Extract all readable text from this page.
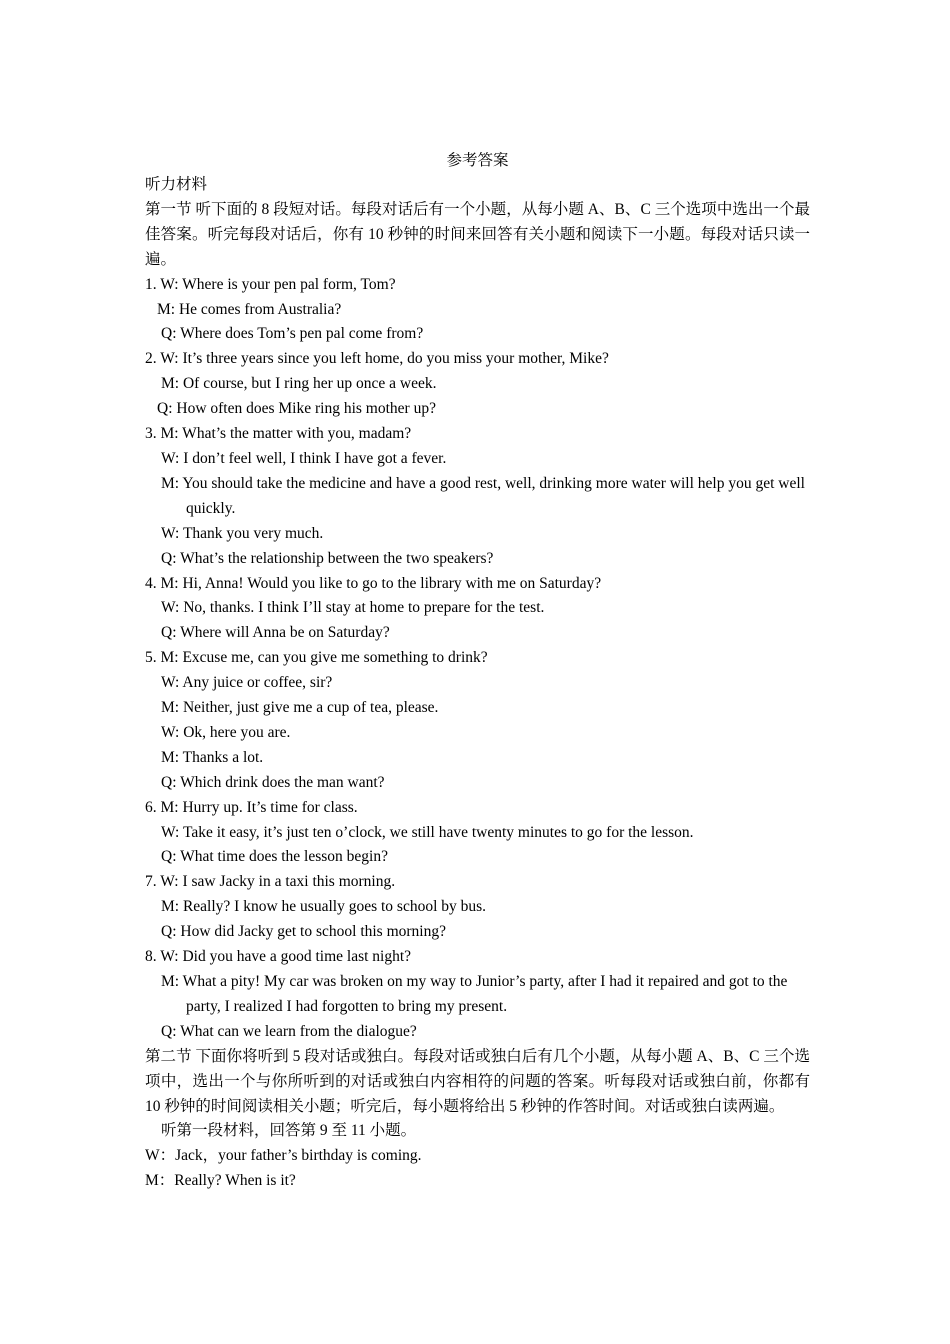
参考答案
听力材料
第一节 听下面的 8 段短对话。每段对话后有一个小题，从每小题 A、B、C 三个选项中选出一个最佳答案。听完每段对话后，你有 10 秒钟的时间来回答有关小题和阅读下一小题。每段对话只读一遍。
1. W: Where is your pen pal form, Tom?
M: He comes from Australia?
Q: Where does Tom’s pen pal come from?
2. W: It’s three years since you left home, do you miss your mother, Mike?
M: Of course, but I ring her up once a week.
Q: How often does Mike ring his mother up?
3. M: What’s the matter with you, madam?
W: I don’t feel well, I think I have got a fever.
M: You should take the medicine and have a good rest, well, drinking more water will help you get well quickly.
W: Thank you very much.
Q: What’s the relationship between the two speakers?
4. M: Hi, Anna! Would you like to go to the library with me on Saturday?
W: No, thanks. I think I’ll stay at home to prepare for the test.
Q: Where will Anna be on Saturday?
5. M: Excuse me, can you give me something to drink?
W: Any juice or coffee, sir?
M: Neither, just give me a cup of tea, please.
W: Ok, here you are.
M: Thanks a lot.
Q: Which drink does the man want?
6. M: Hurry up. It’s time for class.
W: Take it easy, it’s just ten o’clock, we still have twenty minutes to go for the lesson.
Q: What time does the lesson begin?
7. W: I saw Jacky in a taxi this morning.
M: Really? I know he usually goes to school by bus.
Q: How did Jacky get to school this morning?
8. W: Did you have a good time last night?
M: What a pity! My car was broken on my way to Junior’s party, after I had it repaired and got to the party, I realized I had forgotten to bring my present.
Q: What can we learn from the dialogue?
第二节 下面你将听到 5 段对话或独白。每段对话或独白后有几个小题，从每小题 A、B、C 三个选项中，选出一个与你所听到的对话或独白内容相符的问题的答案。听每段对话或独白前，你都有 10 秒钟的时间阅读相关小题；听完后，每小题将给出 5 秒钟的作答时间。对话或独白读两遍。
听第一段材料，回答第 9 至 11 小题。
W：Jack，your father’s birthday is coming.
M：Really? When is it?
